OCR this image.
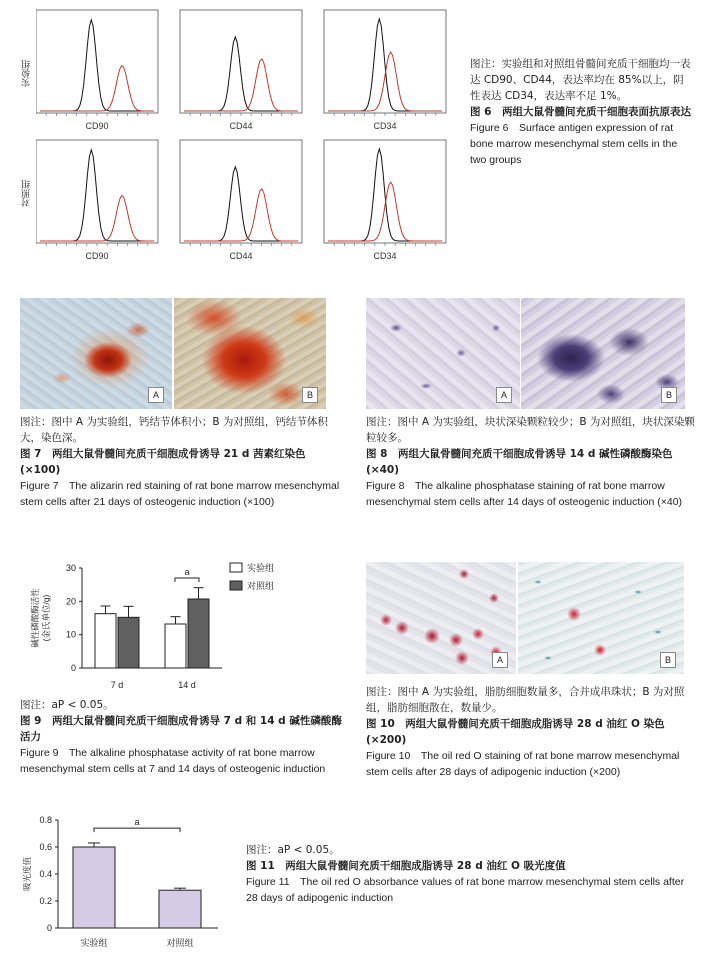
实验组
对照组
CD90	CD44	CD34
CD90	CD44	CD34
图注：实验组和对照组骨髓间充质干细胞均一表达 CD90、CD44，表达率均在 85%以上，阴性表达 CD34，表达率不足 1%。
图 6　两组大鼠骨髓间充质干细胞表面抗原表达
Figure 6　Surface antigen expression of rat bone marrow mesenchymal stem cells in the two groups
A	B
图注：图中 A 为实验组，钙结节体积小；B 为对照组，钙结节体积大，染色深。
图 7　两组大鼠骨髓间充质干细胞成骨诱导 21 d 茜素红染色(×100)
Figure 7　The alizarin red staining of rat bone marrow mesenchymal stem cells after 21 days of osteogenic induction (×100)
A	B
图注：图中 A 为实验组，块状深染颗粒较少；B 为对照组，块状深染颗粒较多。
图 8　两组大鼠骨髓间充质干细胞成骨诱导 14 d 碱性磷酸酶染色(×40)
Figure 8　The alkaline phosphatase staining of rat bone marrow mesenchymal stem cells after 14 days of osteogenic induction (×40)
0
10
20
30
碱性磷酸酶活性 (金氏单位/g)
7 d	14 d
a	实验组
对照组
图注：aP < 0.05。
图 9　两组大鼠骨髓间充质干细胞成骨诱导 7 d 和 14 d 碱性磷酸酶活力
Figure 9　The alkaline phosphatase activity of rat bone marrow mesenchymal stem cells at 7 and 14 days of osteogenic induction
A	B
图注：图中 A 为实验组，脂肪细胞数量多，合并成串珠状；B 为对照组，脂肪细胞散在，数量少。
图 10　两组大鼠骨髓间充质干细胞成脂诱导 28 d 油红 O 染色(×200)
Figure 10　The oil red O staining of rat bone marrow mesenchymal stem cells after 28 days of adipogenic induction (×200)
0
0.2
0.4
0.6
0.8
吸光度值
实验组	对照组
a
图注：aP < 0.05。
图 11　两组大鼠骨髓间充质干细胞成脂诱导 28 d 油红 O 吸光度值
Figure 11　The oil red O absorbance values of rat bone marrow mesenchymal stem cells after 28 days of adipogenic induction
